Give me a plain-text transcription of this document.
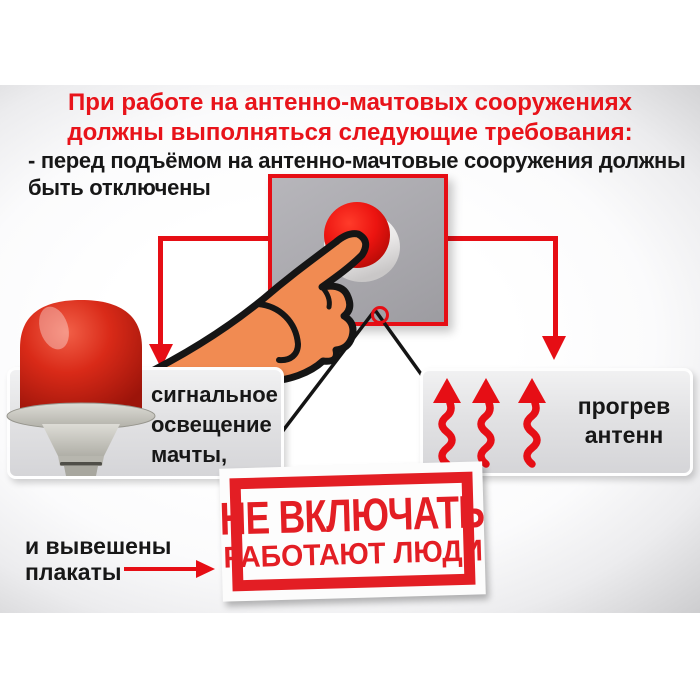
При работе на антенно-мачтовых сооружениях
должны выполняться следующие требования:
- перед подъёмом на антенно-мачтовые сооружения должны
быть отключены
сигнальное
освещение
мачты,
прогрев
антенн
и вывешены
плакаты
НЕ ВКЛЮЧАТЬ
РАБОТАЮТ ЛЮДИ
